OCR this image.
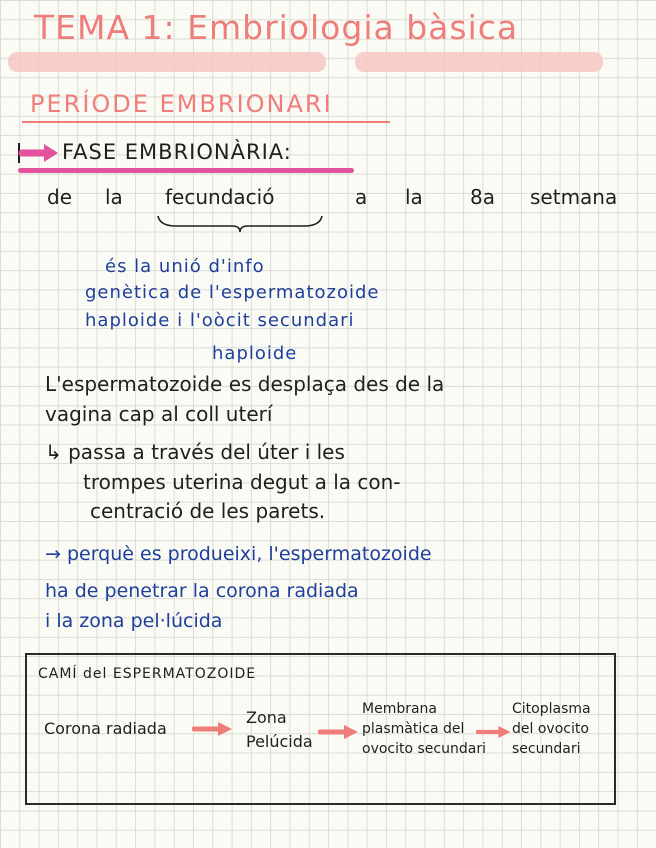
TEMA 1: Embriologia bàsica
PERÍODE EMBRIONARI
FASE EMBRIONÀRIA:
de la fecundació	a la 8a setmana
és la unió d'info
genètica de l'espermatozoide
haploide i l'oòcit secundari
haploide
L'espermatozoide es desplaça des de la
vagina cap al coll uterí
↳ passa a través del úter i les
trompes uterina degut a la con-
centració de les parets.
→ perquè es produeixi, l'espermatozoide
ha de penetrar la corona radiada
i la zona pel·lúcida
CAMÍ del ESPERMATOZOIDE
Corona radiada
Zona
Pelúcida
Membrana
plasmàtica del
ovocito secundari
Citoplasma
del ovocito
secundari
